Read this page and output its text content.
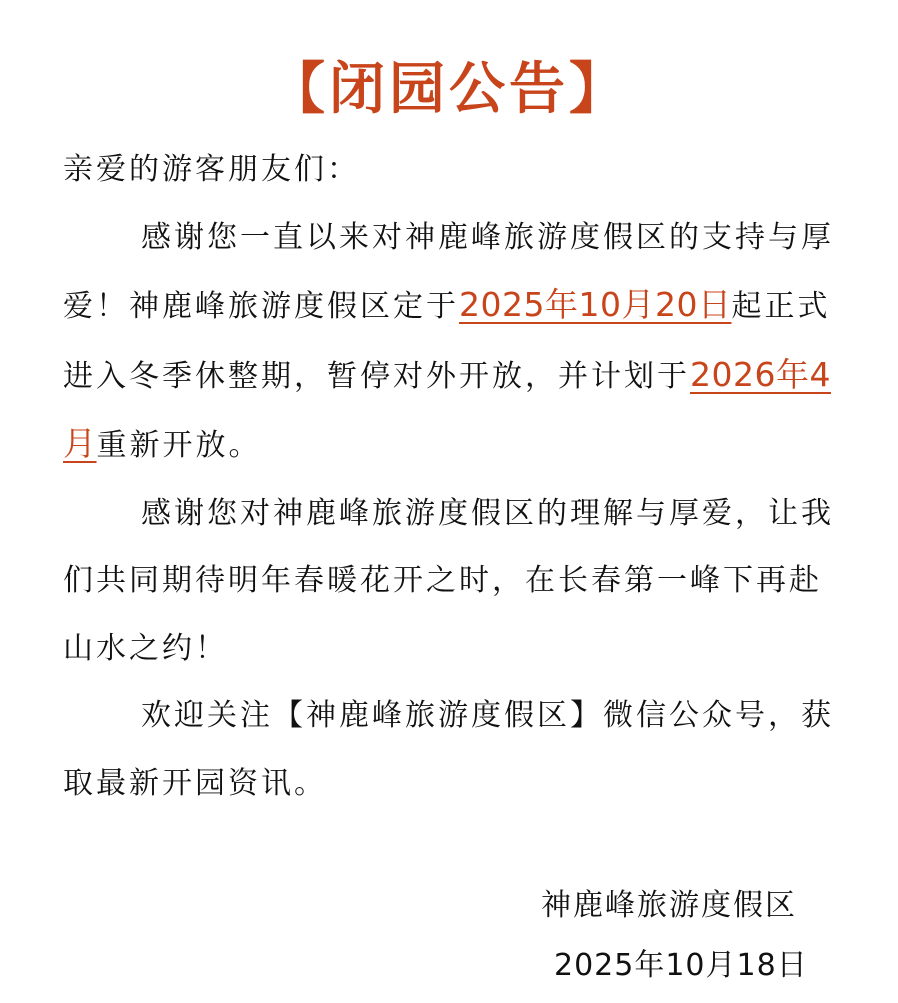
【闭园公告】

亲爱的游客朋友们：

感谢您一直以来对神鹿峰旅游度假区的支持与厚爱！神鹿峰旅游度假区定于2025年10月20日起正式进入冬季休整期，暂停对外开放，并计划于2026年4月重新开放。

感谢您对神鹿峰旅游度假区的理解与厚爱，让我们共同期待明年春暖花开之时，在长春第一峰下再赴山水之约！

欢迎关注【神鹿峰旅游度假区】微信公众号，获取最新开园资讯。

神鹿峰旅游度假区
2025年10月18日
